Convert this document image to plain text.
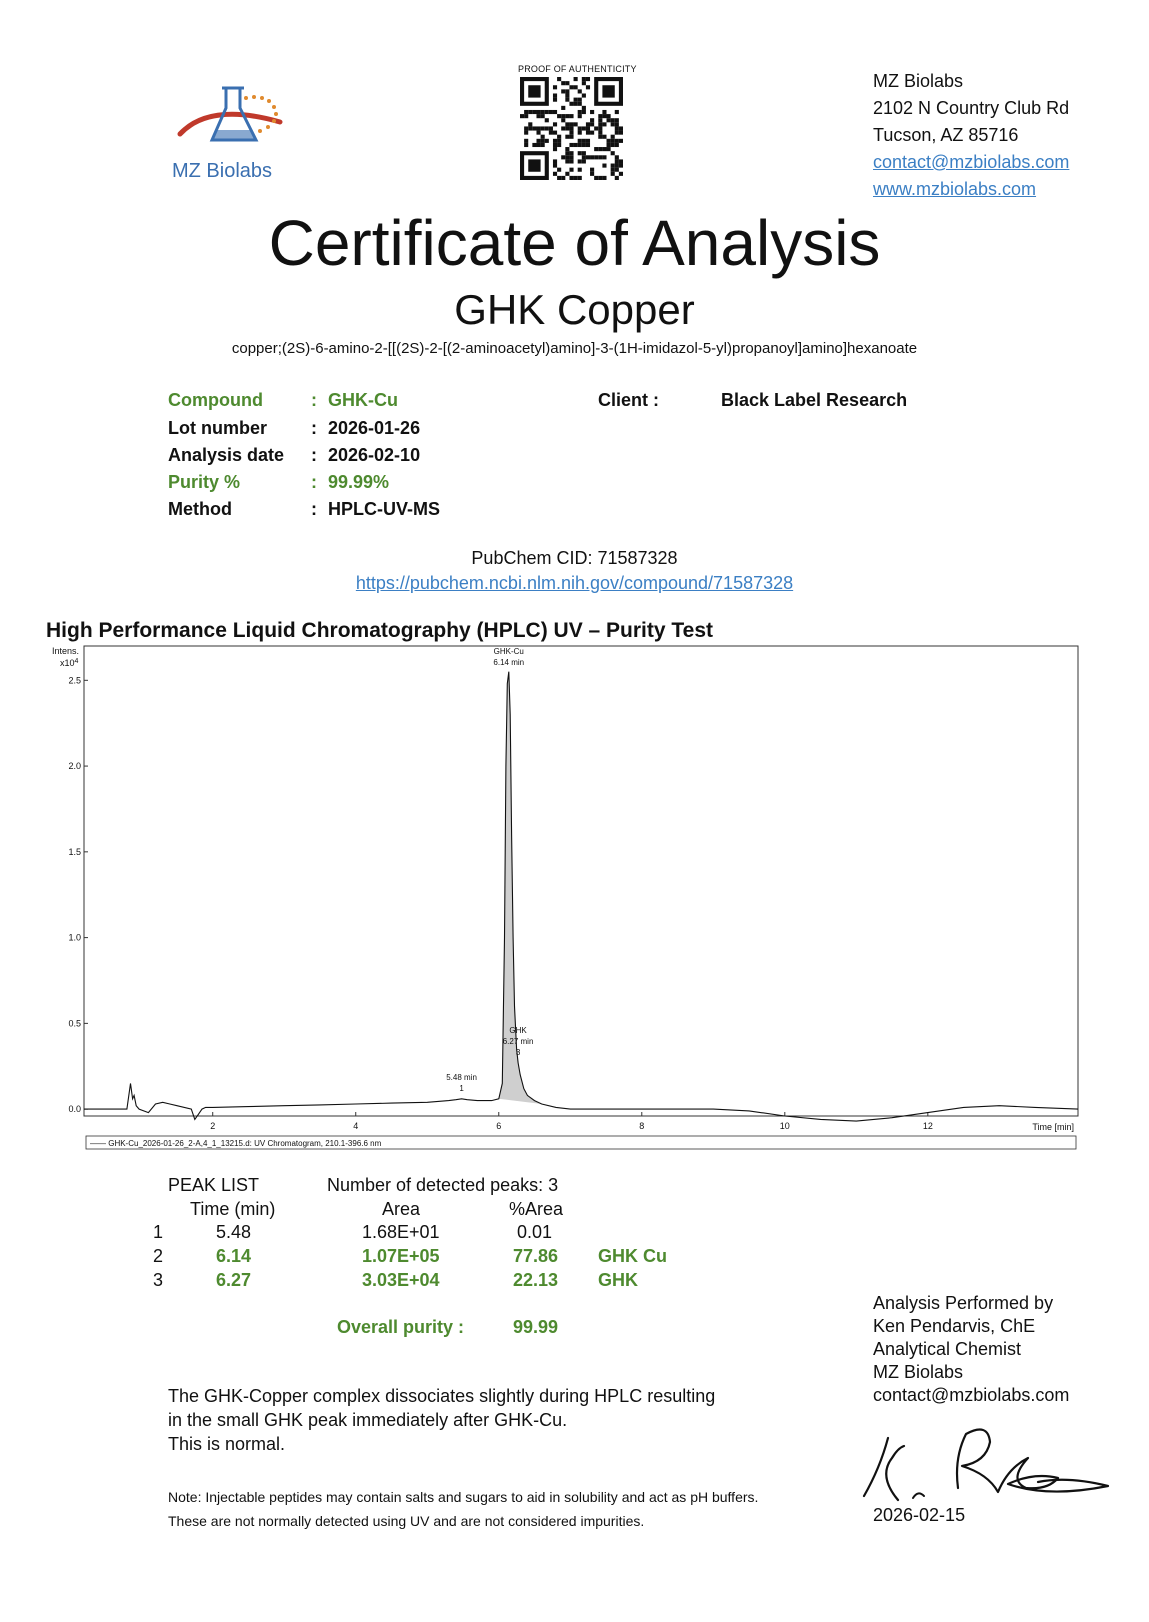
MZ Biolabs
PROOF OF AUTHENTICITY
MZ Biolabs
2102 N Country Club Rd
Tucson, AZ 85716
contact@mzbiolabs.com
www.mzbiolabs.com
Certificate of Analysis
GHK Copper
copper;(2S)-6-amino-2-[[(2S)-2-[(2-aminoacetyl)amino]-3-(1H-imidazol-5-yl)propanoyl]amino]hexanoate
Compound	: GHK-Cu
Lot number : 2026-01-26
Analysis date : 2026-02-10
Purity %	: 99.99%
Method	: HPLC-UV-MS
Client :	Black Label Research
PubChem CID: 71587328
https://pubchem.ncbi.nlm.nih.gov/compound/71587328
High Performance Liquid Chromatography (HPLC) UV – Purity Test
—— GHK-Cu_2026-01-26_2-A,4_1_13215.d: UV Chromatogram, 210.1-396.6 nm
Intens.
$x10^4$
Time [min]
2	4	6	8	10	12
0.0
0.5
1.0
1.5
2.0
2.5
5.48 min
1
GHK-Cu
6.14 min
GHK
6.27 min
3
PEAK LIST	Number of detected peaks: 3
Time (min)	Area	%Area
1	5.48	1.68E+01	0.01
2	6.14	1.07E+05	77.86 GHK Cu
3	6.27	3.03E+04	22.13 GHK
Overall purity :	99.99
Analysis Performed by
Ken Pendarvis, ChE
Analytical Chemist
MZ Biolabs
contact@mzbiolabs.com
2026-02-15
The GHK-Copper complex dissociates slightly during HPLC resulting
in the small GHK peak immediately after GHK-Cu.
This is normal.
Note: Injectable peptides may contain salts and sugars to aid in solubility and act as pH buffers.
These are not normally detected using UV and are not considered impurities.
